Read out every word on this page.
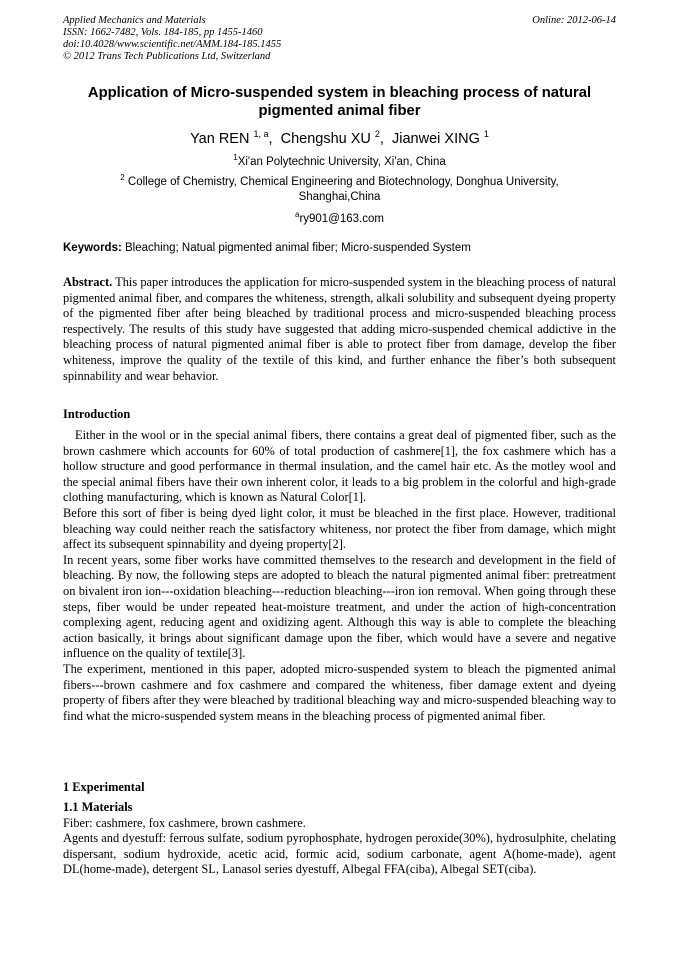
Applied Mechanics and Materials
ISSN: 1662-7482, Vols. 184-185, pp 1455-1460
doi:10.4028/www.scientific.net/AMM.184-185.1455
© 2012 Trans Tech Publications Ltd, Switzerland
Online: 2012-06-14
Application of Micro-suspended system in bleaching process of natural
pigmented animal fiber
Yan REN $^{1, a}$, Chengshu XU $^2$, Jianwei XING $^1$
$^1$Xi'an Polytechnic University, Xi'an, China
$^2$ College of Chemistry, Chemical Engineering and Biotechnology, Donghua University,
Shanghai,China
$^a$ry901@163.com
Keywords: Bleaching; Natual pigmented animal fiber; Micro-suspended System

Abstract. This paper introduces the application for micro-suspended system in the bleaching process of natural pigmented animal fiber, and compares the whiteness, strength, alkali solubility and subsequent dyeing property of the pigmented fiber after being bleached by traditional process and micro-suspended bleaching process respectively. The results of this study have suggested that adding micro-suspended chemical addictive in the bleaching process of natural pigmented animal fiber is able to protect fiber from damage, develop the fiber whiteness, improve the quality of the textile of this kind, and further enhance the fiber’s both subsequent spinnability and wear behavior.

Introduction

Either in the wool or in the special animal fibers, there contains a great deal of pigmented fiber, such as the brown cashmere which accounts for 60% of total production of cashmere[1], the fox cashmere which has a hollow structure and good performance in thermal insulation, and the camel hair etc. As the motley wool and the special animal fibers have their own inherent color, it leads to a big problem in the colorful and high-grade clothing manufacturing, which is known as Natural Color[1].

Before this sort of fiber is being dyed light color, it must be bleached in the first place. However, traditional bleaching way could neither reach the satisfactory whiteness, nor protect the fiber from damage, which might affect its subsequent spinnability and dyeing property[2].

In recent years, some fiber works have committed themselves to the research and development in the field of bleaching. By now, the following steps are adopted to bleach the natural pigmented animal fiber: pretreatment on bivalent iron ion---oxidation bleaching---reduction bleaching---iron ion removal. When going through these steps, fiber would be under repeated heat-moisture treatment, and under the action of high-concentration complexing agent, reducing agent and oxidizing agent. Although this way is able to complete the bleaching action basically, it brings about significant damage upon the fiber, which would have a severe and negative influence on the quality of textile[3].

The experiment, mentioned in this paper, adopted micro-suspended system to bleach the pigmented animal fibers---brown cashmere and fox cashmere and compared the whiteness, fiber damage extent and dyeing property of fibers after they were bleached by traditional bleaching way and micro-suspended bleaching way to find what the micro-suspended system means in the bleaching process of pigmented animal fiber.

1 Experimental

1.1 Materials

Fiber: cashmere, fox cashmere, brown cashmere.

Agents and dyestuff: ferrous sulfate, sodium pyrophosphate, hydrogen peroxide(30%), hydrosulphite, chelating dispersant, sodium hydroxide, acetic acid, formic acid, sodium carbonate, agent A(home-made), agent DL(home-made), detergent SL, Lanasol series dyestuff, Albegal FFA(ciba), Albegal SET(ciba).
